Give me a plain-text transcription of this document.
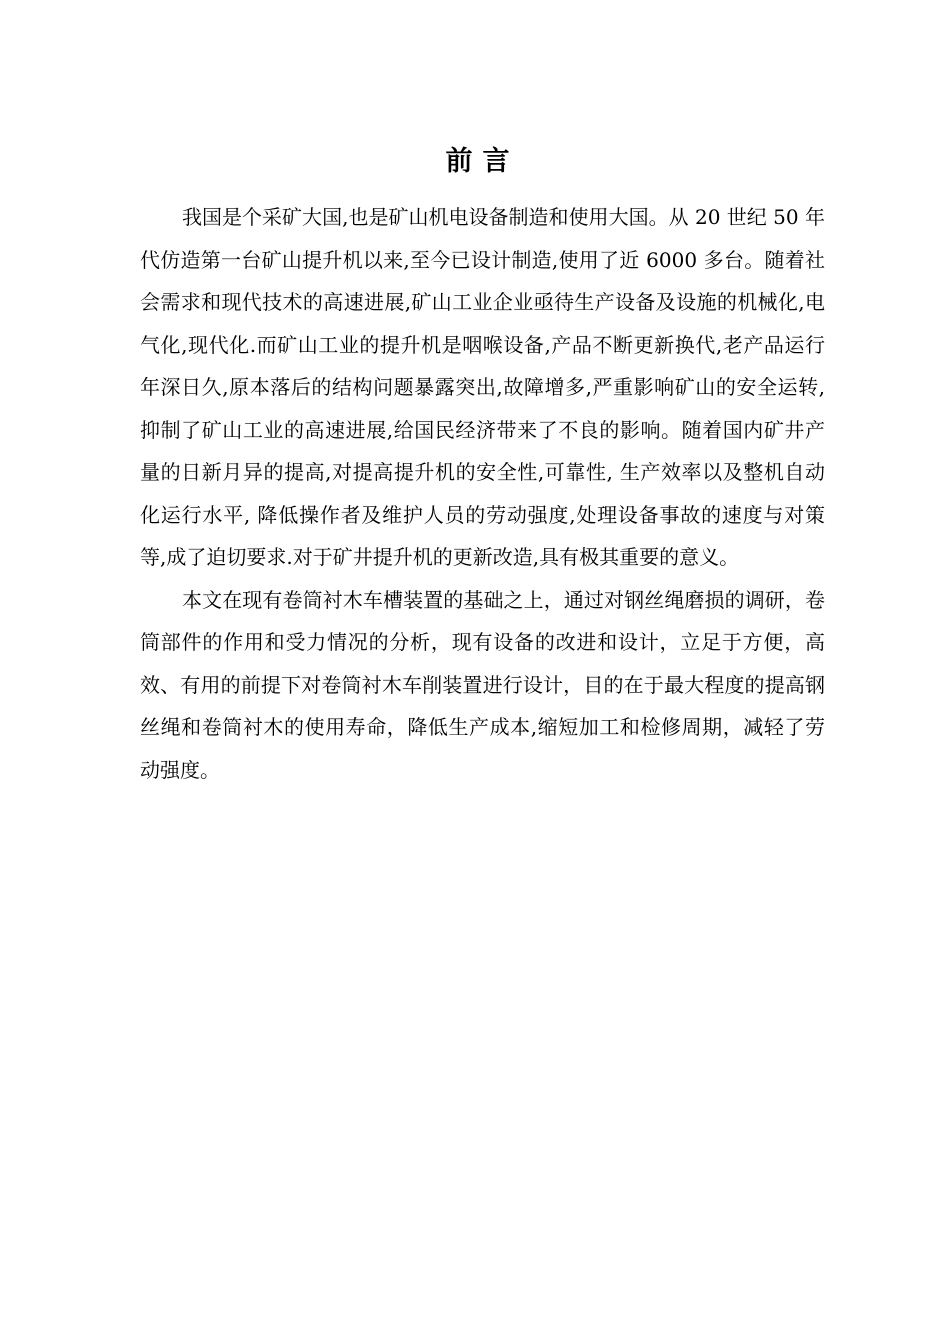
前言

我国是个采矿大国,也是矿山机电设备制造和使用大国。从 20 世纪 50 年代仿造第一台矿山提升机以来,至今已设计制造,使用了近 6000 多台。随着社会需求和现代技术的高速进展,矿山工业企业亟待生产设备及设施的机械化,电气化,现代化.而矿山工业的提升机是咽喉设备,产品不断更新换代,老产品运行年深日久,原本落后的结构问题暴露突出,故障增多,严重影响矿山的安全运转,抑制了矿山工业的高速进展,给国民经济带来了不良的影响。随着国内矿井产量的日新月异的提高,对提高提升机的安全性,可靠性, 生产效率以及整机自动化运行水平, 降低操作者及维护人员的劳动强度,处理设备事故的速度与对策等,成了迫切要求.对于矿井提升机的更新改造,具有极其重要的意义。

本文在现有卷筒衬木车槽装置的基础之上，通过对钢丝绳磨损的调研，卷筒部件的作用和受力情况的分析，现有设备的改进和设计，立足于方便，高效、有用的前提下对卷筒衬木车削装置进行设计，目的在于最大程度的提高钢丝绳和卷筒衬木的使用寿命，降低生产成本,缩短加工和检修周期，减轻了劳动强度。
